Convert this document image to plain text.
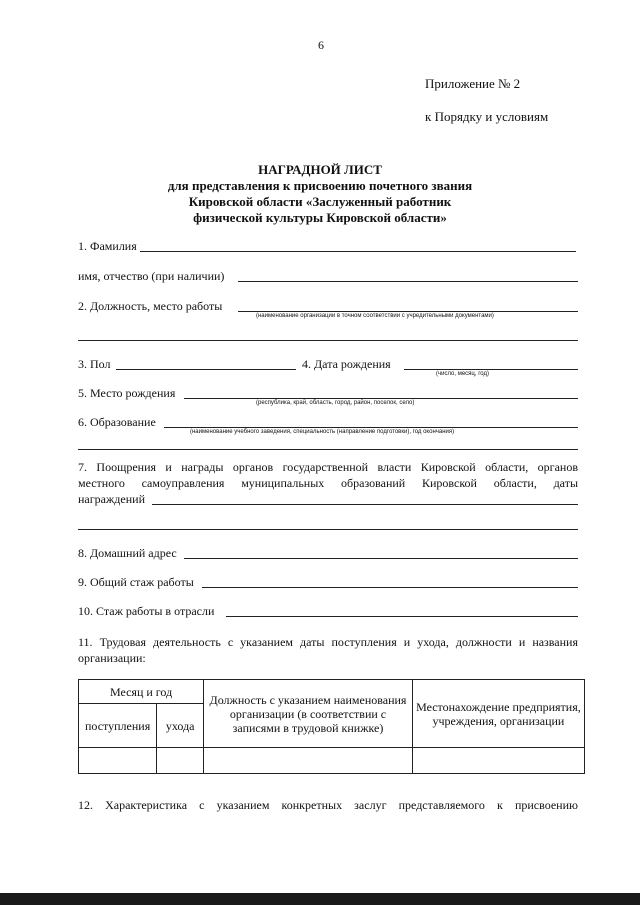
6
Приложение № 2
к Порядку и условиям
НАГРАДНОЙ ЛИСТ
для представления к присвоению почетного звания
Кировской области «Заслуженный работник
физической культуры Кировской области»
1. Фамилия
имя, отчество (при наличии)
2. Должность, место работы
(наименование организации в точном соответствии с учредительными документами)
3. Пол	4. Дата рождения
(число, месяц, год)
5. Место рождения
(республика, край, область, город, район, поселок, село)
6. Образование
(наименование учебного заведения, специальность (направление подготовки), год окончания)
7. Поощрения и награды органов государственной власти Кировской области, органов
местного самоуправления муниципальных образований Кировской области, даты
награждений
8. Домашний адрес
9. Общий стаж работы
10. Стаж работы в отрасли
11. Трудовая деятельность с указанием даты поступления и ухода, должности и названия
организации:
Месяц и год		Должность с указанием наименования организации (в соответствии с записями в трудовой книжке)	Местонахождение предприятия, учреждения, организации
поступления	ухода		

12. Характеристика с указанием конкретных заслуг представляемого к присвоению
